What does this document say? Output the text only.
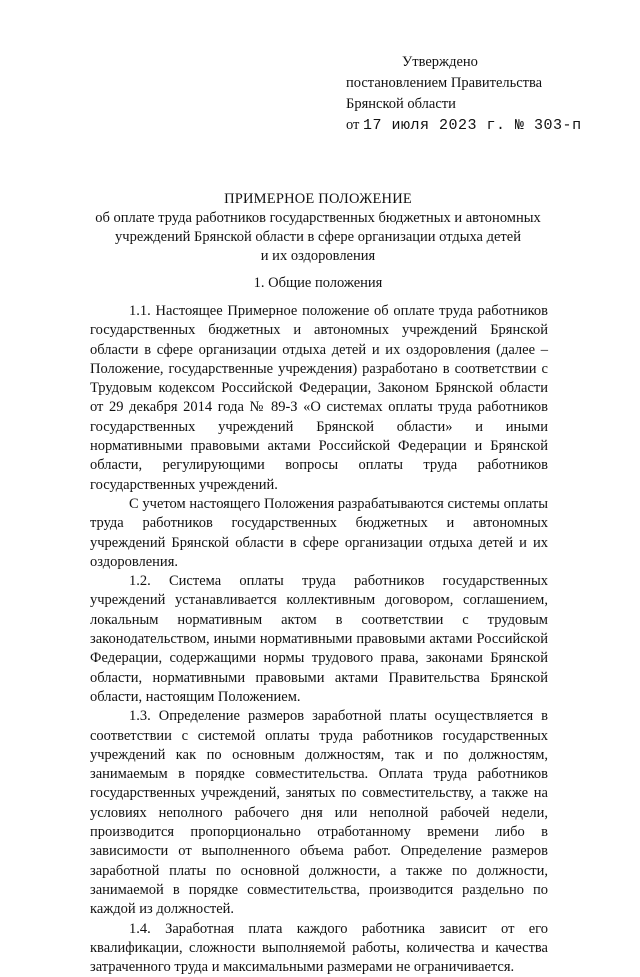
Утверждено
постановлением Правительства
Брянской области
от 17 июля 2023 г. № 303-п
ПРИМЕРНОЕ ПОЛОЖЕНИЕ
об оплате труда работников государственных бюджетных и автономных
учреждений Брянской области в сфере организации отдыха детей
и их оздоровления
1. Общие положения

1.1. Настоящее Примерное положение об оплате труда работников государственных бюджетных и автономных учреждений Брянской области в сфере организации отдыха детей и их оздоровления (далее – Положение, государственные учреждения) разработано в соответствии с Трудовым кодексом Российской Федерации, Законом Брянской области от 29 декабря 2014 года № 89-З «О системах оплаты труда работников государственных учреждений Брянской области» и иными нормативными правовыми актами Российской Федерации и Брянской области, регулирующими вопросы оплаты труда работников государственных учреждений.

С учетом настоящего Положения разрабатываются системы оплаты труда работников государственных бюджетных и автономных учреждений Брянской области в сфере организации отдыха детей и их оздоровления.

1.2. Система оплаты труда работников государственных учреждений устанавливается коллективным договором, соглашением, локальным нормативным актом в соответствии с трудовым законодательством, иными нормативными правовыми актами Российской Федерации, содержащими нормы трудового права, законами Брянской области, нормативными правовыми актами Правительства Брянской области, настоящим Положением.

1.3. Определение размеров заработной платы осуществляется в соответствии с системой оплаты труда работников государственных учреждений как по основным должностям, так и по должностям, занимаемым в порядке совместительства. Оплата труда работников государственных учреждений, занятых по совместительству, а также на условиях неполного рабочего дня или неполной рабочей недели, производится пропорционально отработанному времени либо в зависимости от выполненного объема работ. Определение размеров заработной платы по основной должности, а также по должности, занимаемой в порядке совместительства, производится раздельно по каждой из должностей.

1.4. Заработная плата каждого работника зависит от его квалификации, сложности выполняемой работы, количества и качества затраченного труда и максимальными размерами не ограничивается.
